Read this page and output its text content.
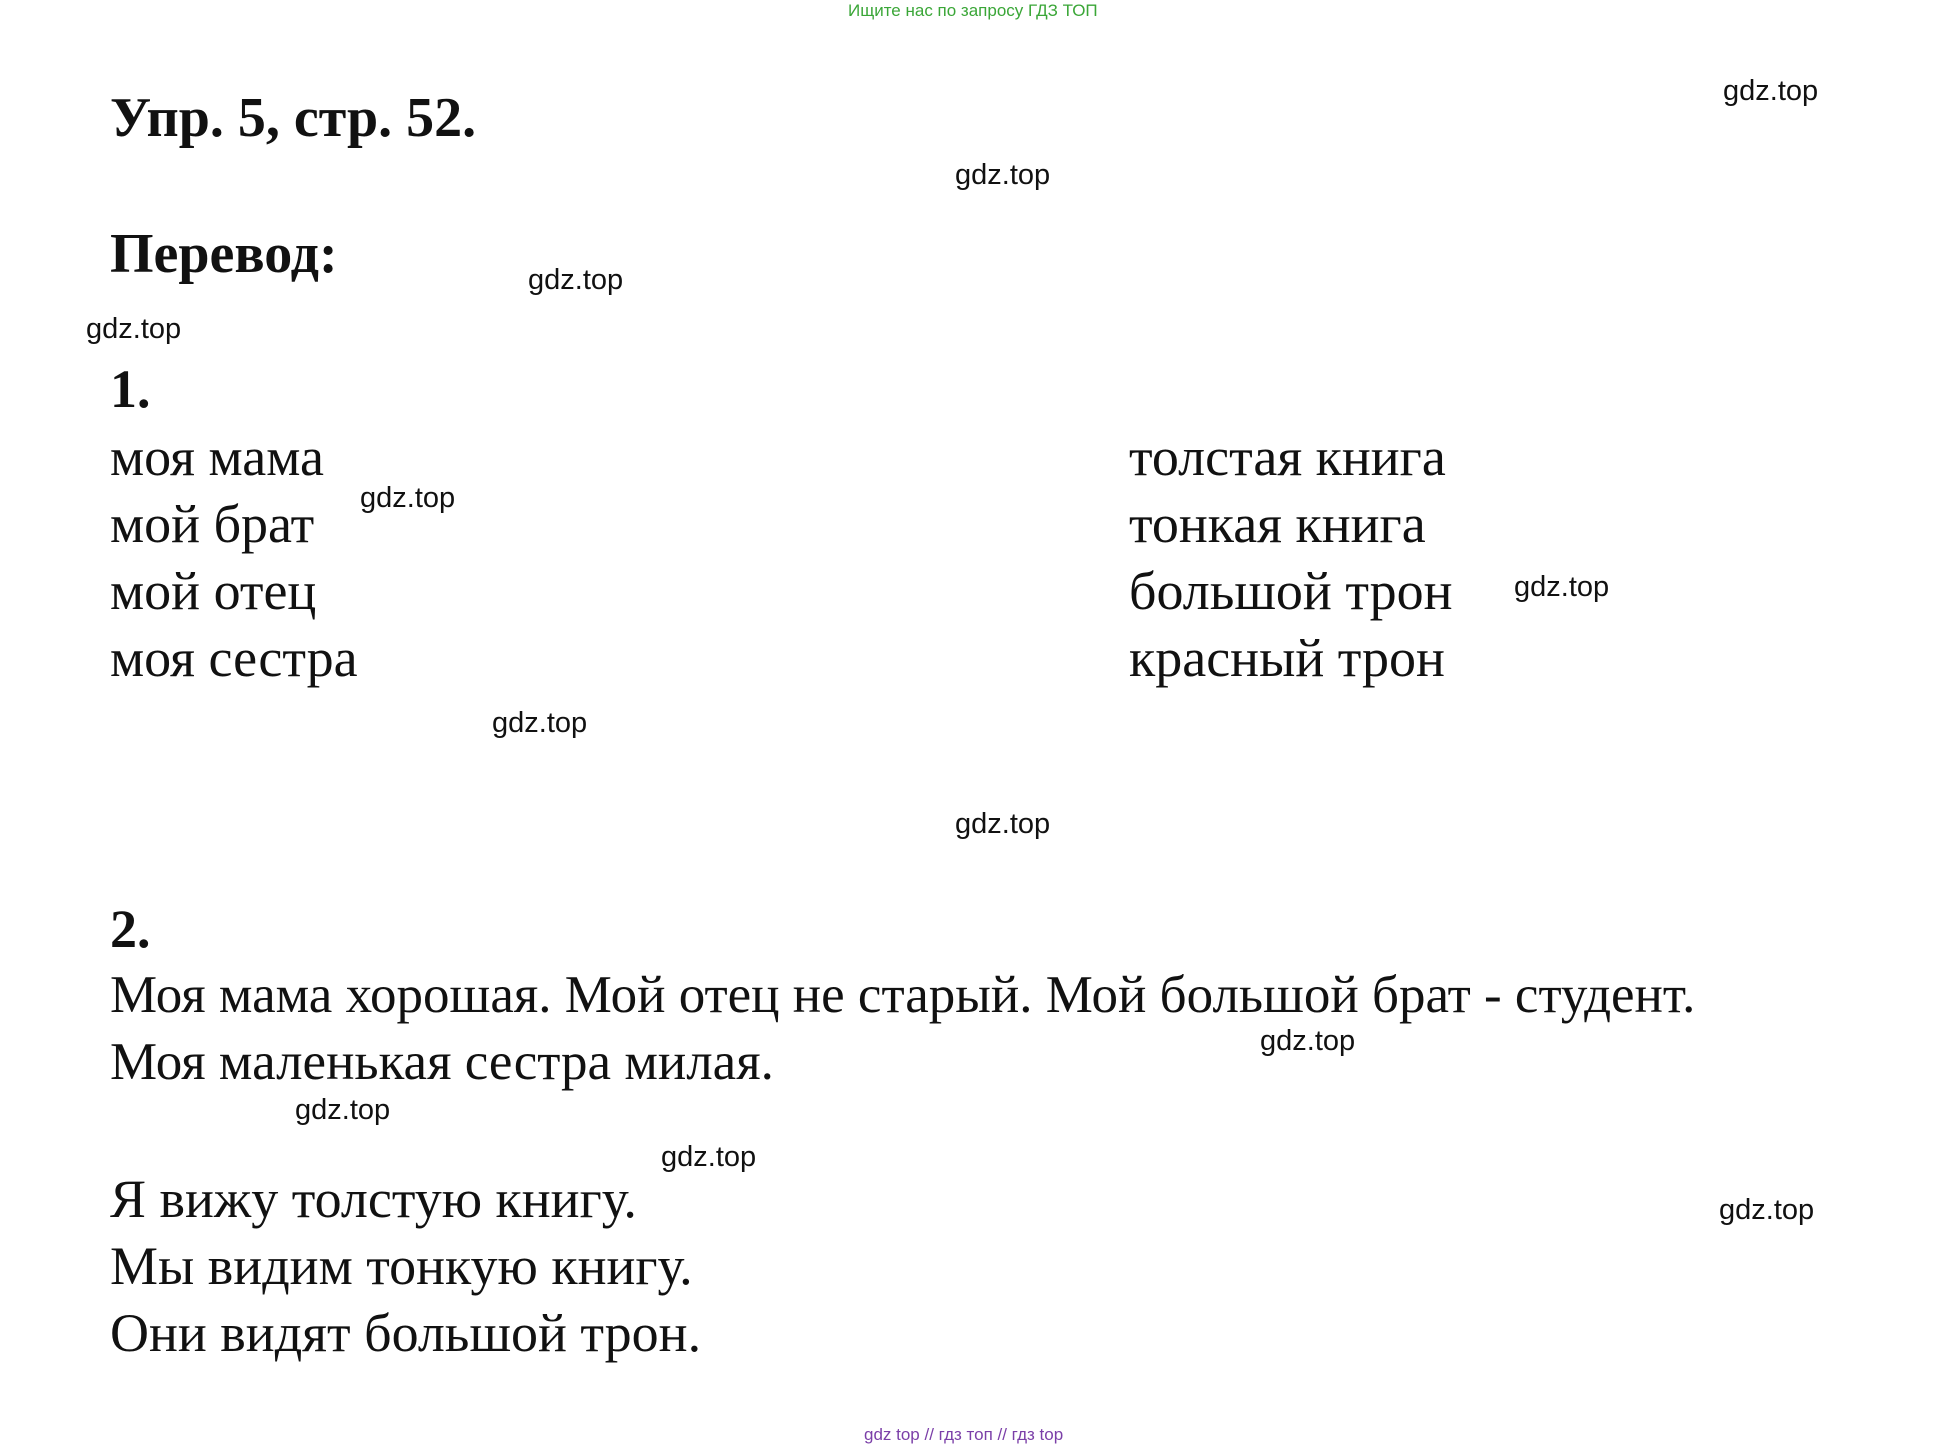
Ищите нас по запросу ГДЗ ТОП
Упр. 5, стр. 52.
Перевод:
1.
моя мама
мой брат
мой отец
моя сестра
толстая книга
тонкая книга
большой трон
красный трон
2.
Моя мама хорошая. Мой отец не старый. Мой большой брат - студент.
Моя маленькая сестра милая.
Я вижу толстую книгу.
Мы видим тонкую книгу.
Они видят большой трон.
gdz.top
gdz.top
gdz.top
gdz.top
gdz.top
gdz.top
gdz.top
gdz.top
gdz.top
gdz.top
gdz.top
gdz.top
gdz top // гдз топ // гдз top
